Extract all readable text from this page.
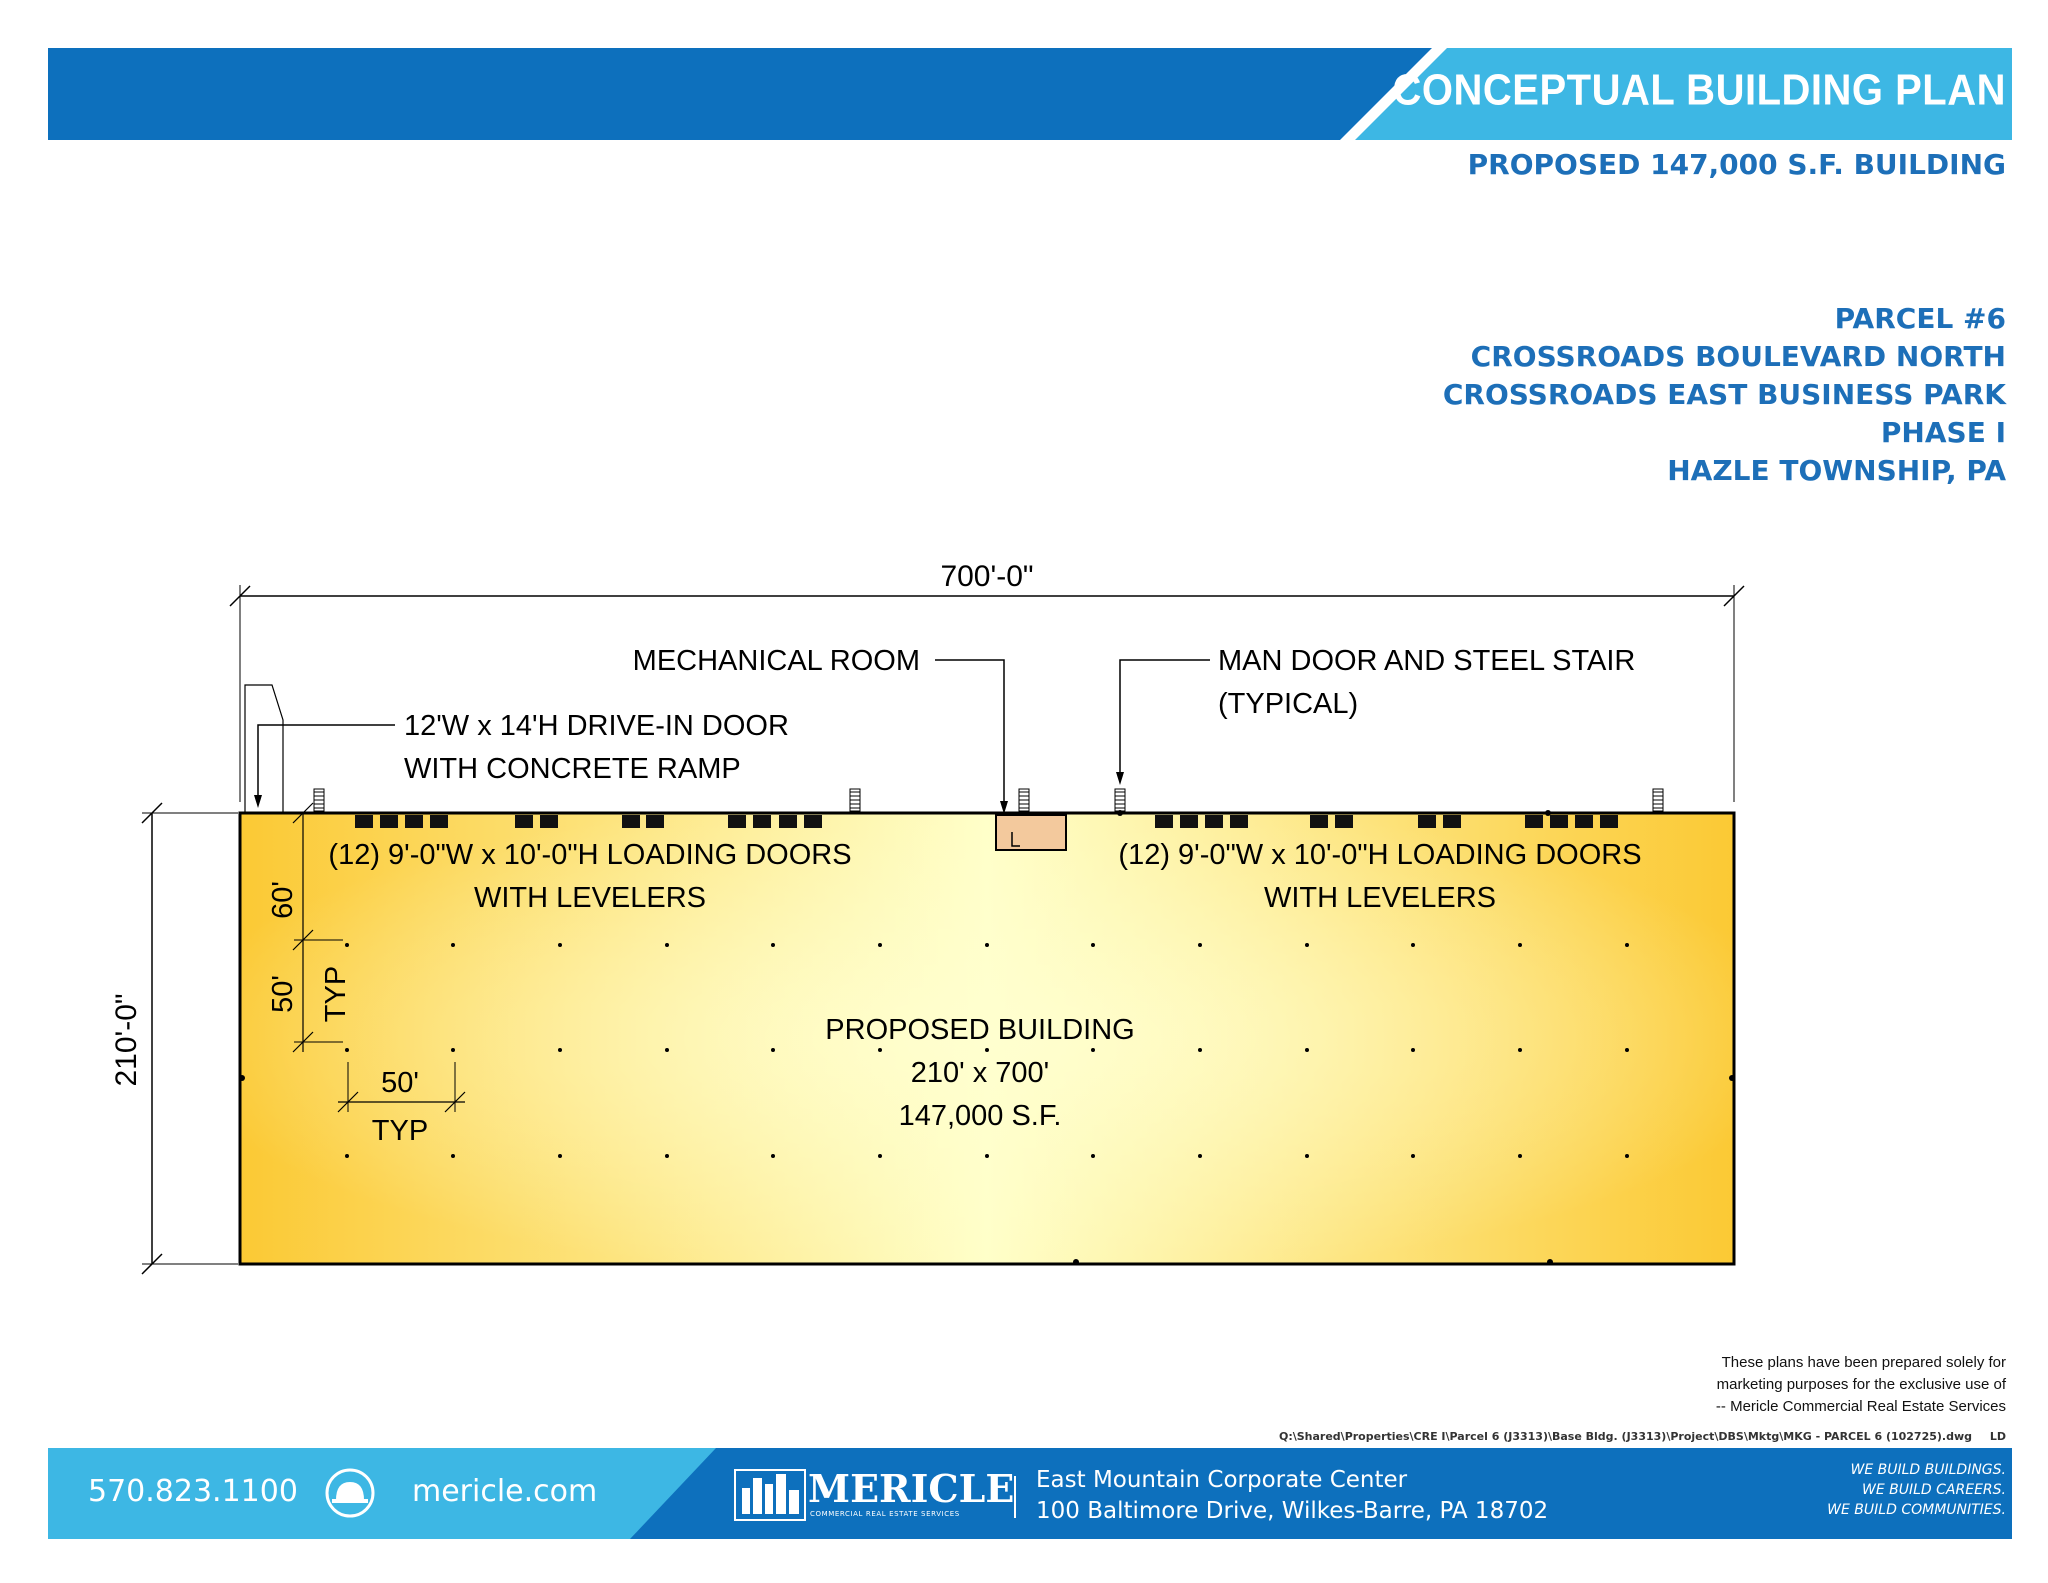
CONCEPTUAL BUILDING PLAN
PROPOSED 147,000 S.F. BUILDING
PARCEL #6
CROSSROADS BOULEVARD NORTH
CROSSROADS EAST BUSINESS PARK
PHASE I
HAZLE TOWNSHIP, PA
700'-0"
210'-0"
12'W x 14'H DRIVE-IN DOOR
WITH CONCRETE RAMP
MECHANICAL ROOM	MAN DOOR AND STEEL STAIR
(TYPICAL)
(12) 9'-0"W x 10'-0"H LOADING DOORS
WITH LEVELERS
(12) 9'-0"W x 10'-0"H LOADING DOORS
WITH LEVELERS
PROPOSED BUILDING
210' x 700'
147,000 S.F.
60'
50' TYP
50'
TYP
These plans have been prepared solely for
marketing purposes for the exclusive use of
-- Mericle Commercial Real Estate Services
Q:\Shared\Properties\CRE I\Parcel 6 (J3313)\Base Bldg. (J3313)\Project\DBS\Mktg\MKG - PARCEL 6 (102725).dwg LD
570.823.1100	mericle.com	MERICLE
COMMERCIAL REAL ESTATE SERVICES
East Mountain Corporate Center
100 Baltimore Drive, Wilkes-Barre, PA 18702
WE BUILD BUILDINGS.
WE BUILD CAREERS.
WE BUILD COMMUNITIES.
